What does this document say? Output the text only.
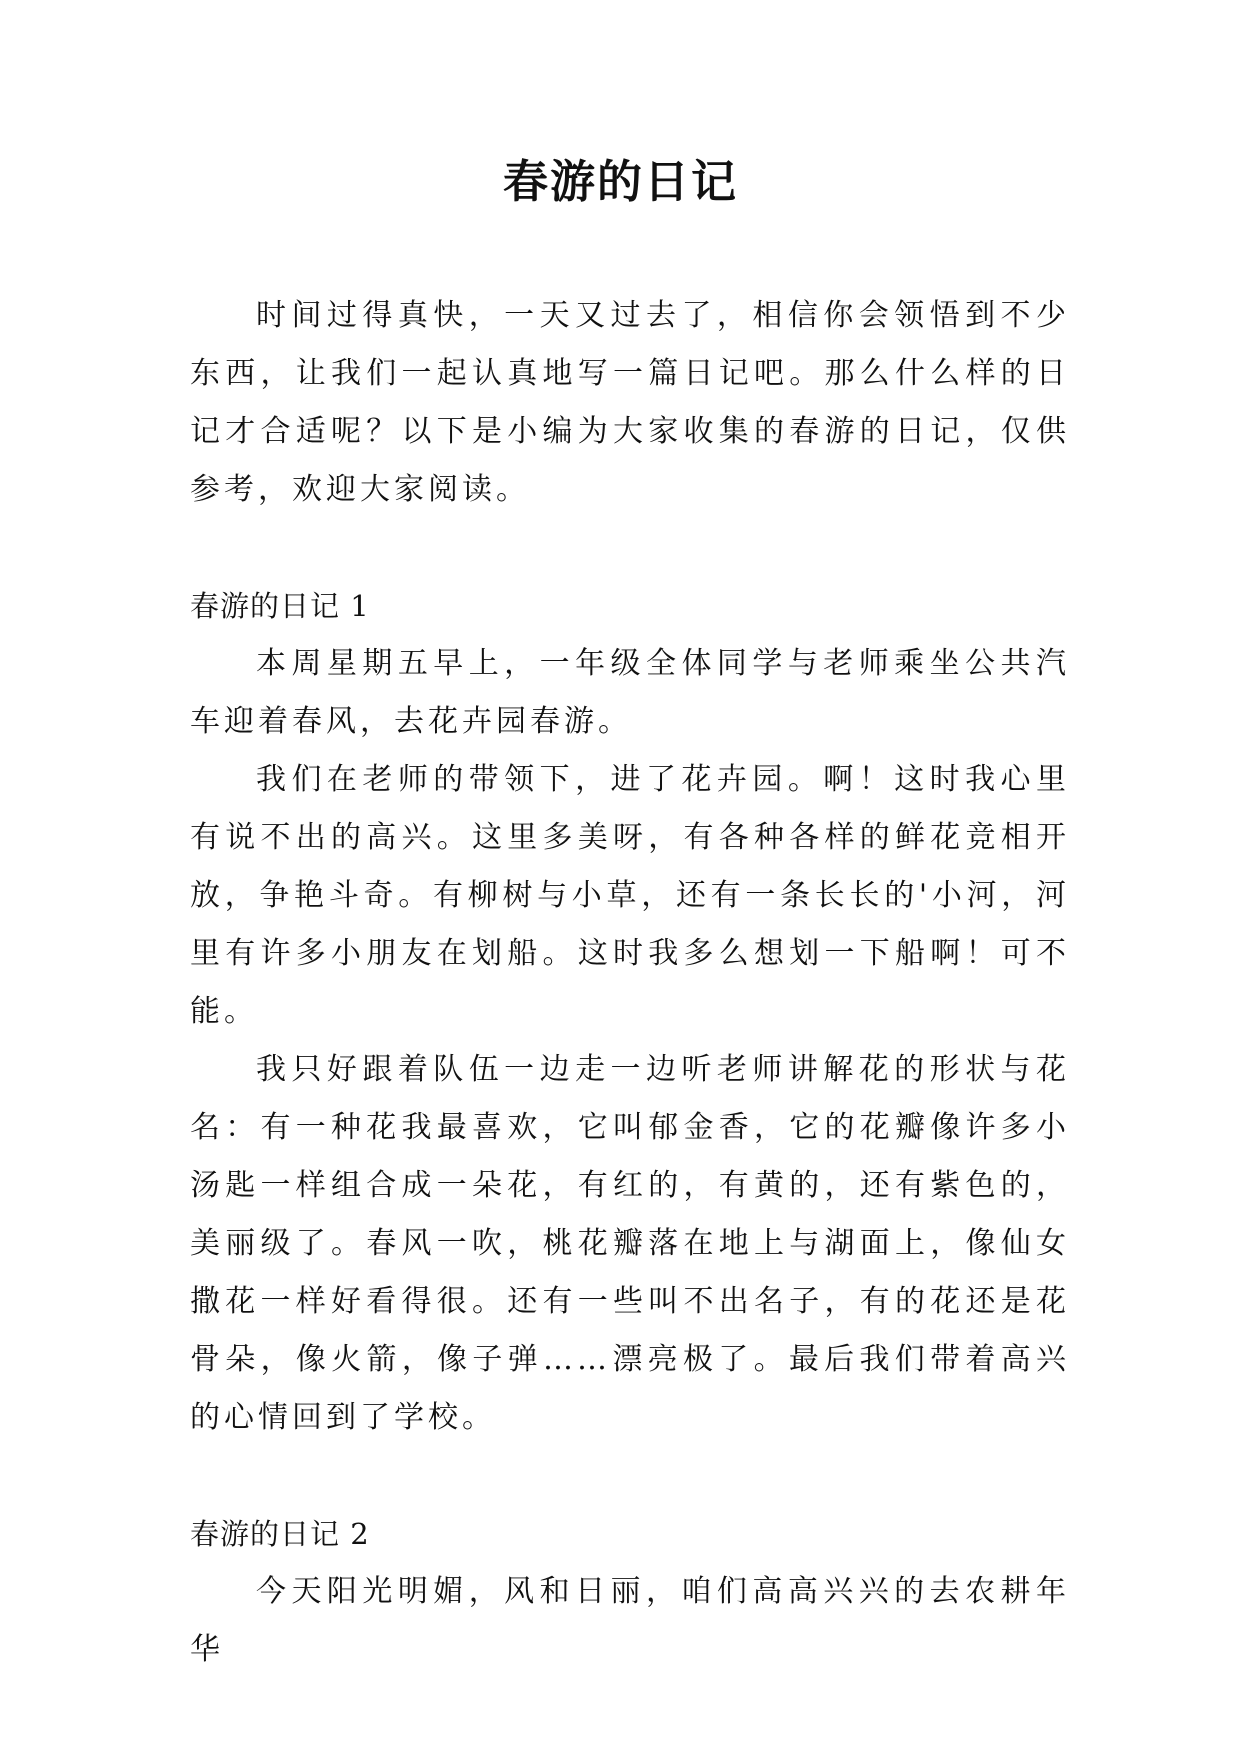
春游的日记

时间过得真快，一天又过去了，相信你会领悟到不少东西，让我们一起认真地写一篇日记吧。那么什么样的日记才合适呢？以下是小编为大家收集的春游的日记，仅供参考，欢迎大家阅读。

春游的日记 1

本周星期五早上，一年级全体同学与老师乘坐公共汽车迎着春风，去花卉园春游。

我们在老师的带领下，进了花卉园。啊！这时我心里有说不出的高兴。这里多美呀，有各种各样的鲜花竞相开放，争艳斗奇。有柳树与小草，还有一条长长的'小河，河里有许多小朋友在划船。这时我多么想划一下船啊！可不能。

我只好跟着队伍一边走一边听老师讲解花的形状与花名：有一种花我最喜欢，它叫郁金香，它的花瓣像许多小汤匙一样组合成一朵花，有红的，有黄的，还有紫色的，美丽级了。春风一吹，桃花瓣落在地上与湖面上，像仙女撒花一样好看得很。还有一些叫不出名子，有的花还是花骨朵，像火箭，像子弹……漂亮极了。最后我们带着高兴的心情回到了学校。

春游的日记 2

今天阳光明媚，风和日丽，咱们高高兴兴的去农耕年华
